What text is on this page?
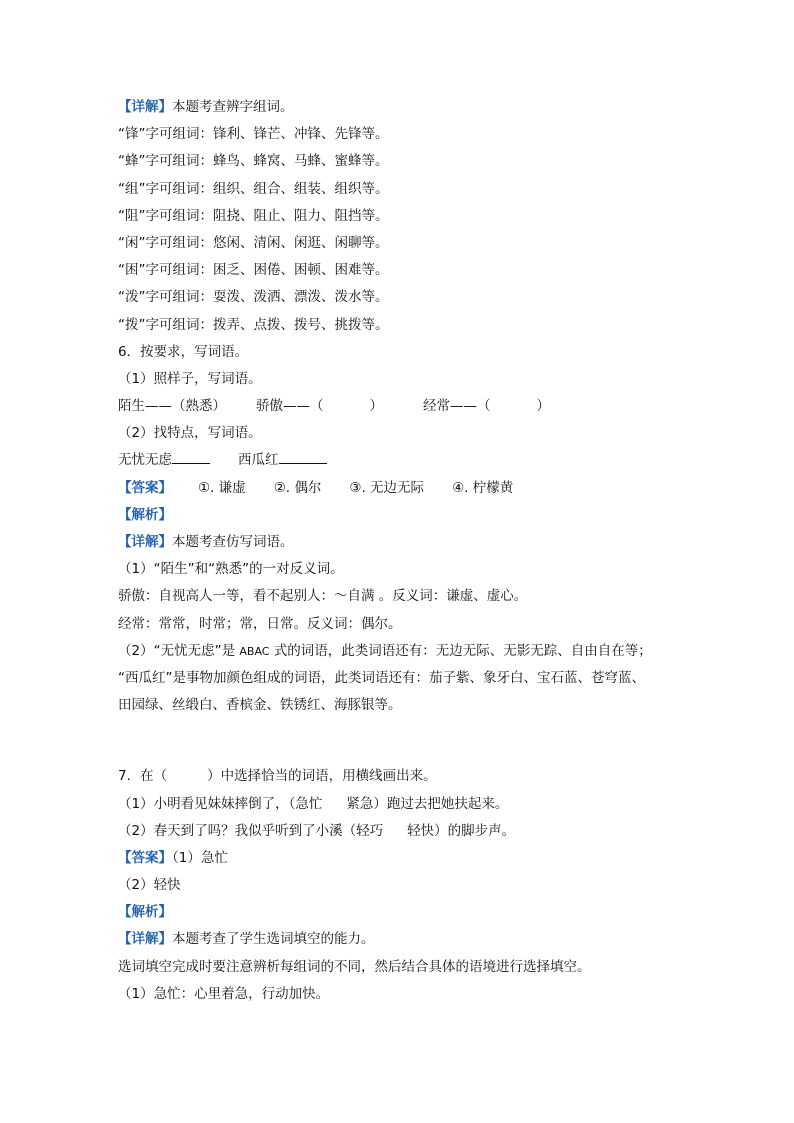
【详解】本题考查辨字组词。
“锋”字可组词：锋利、锋芒、冲锋、先锋等。
“蜂”字可组词：蜂鸟、蜂窝、马蜂、蜜蜂等。
“组”字可组词：组织、组合、组装、组织等。
“阻”字可组词：阻挠、阻止、阻力、阻挡等。
“闲”字可组词：悠闲、清闲、闲逛、闲聊等。
“困”字可组词：困乏、困倦、困顿、困难等。
“泼”字可组词：耍泼、泼洒、漂泼、泼水等。
“拨”字可组词：拨弄、点拨、拨号、挑拨等。
6．按要求，写词语。
（1）照样子，写词语。
陌生——（熟悉） 骄傲——（	）	经常——（	）
（2）找特点，写词语。
无忧无虑	西瓜红
【答案】 ①. 谦虚 ②. 偶尔 ③. 无边无际 ④. 柠檬黄
【解析】
【详解】本题考查仿写词语。
（1）“陌生”和“熟悉”的一对反义词。
骄傲：自视高人一等，看不起别人：～自满 。反义词：谦虚、虚心。
经常：常常，时常；常，日常。反义词：偶尔。
（2）“无忧无虑”是 ABAC 式的词语，此类词语还有：无边无际、无影无踪、自由自在等；
“西瓜红”是事物加颜色组成的词语，此类词语还有：茄子紫、象牙白、宝石蓝、苍穹蓝、
田园绿、丝缎白、香槟金、铁锈红、海豚银等。
7．在（	）中选择恰当的词语，用横线画出来。
（1）小明看见妹妹摔倒了，（急忙 紧急）跑过去把她扶起来。
（2）春天到了吗？我似乎听到了小溪（轻巧 轻快）的脚步声。
【答案】（1）急忙
（2）轻快
【解析】
【详解】本题考查了学生选词填空的能力。
选词填空完成时要注意辨析每组词的不同，然后结合具体的语境进行选择填空。
（1）急忙：心里着急，行动加快。
